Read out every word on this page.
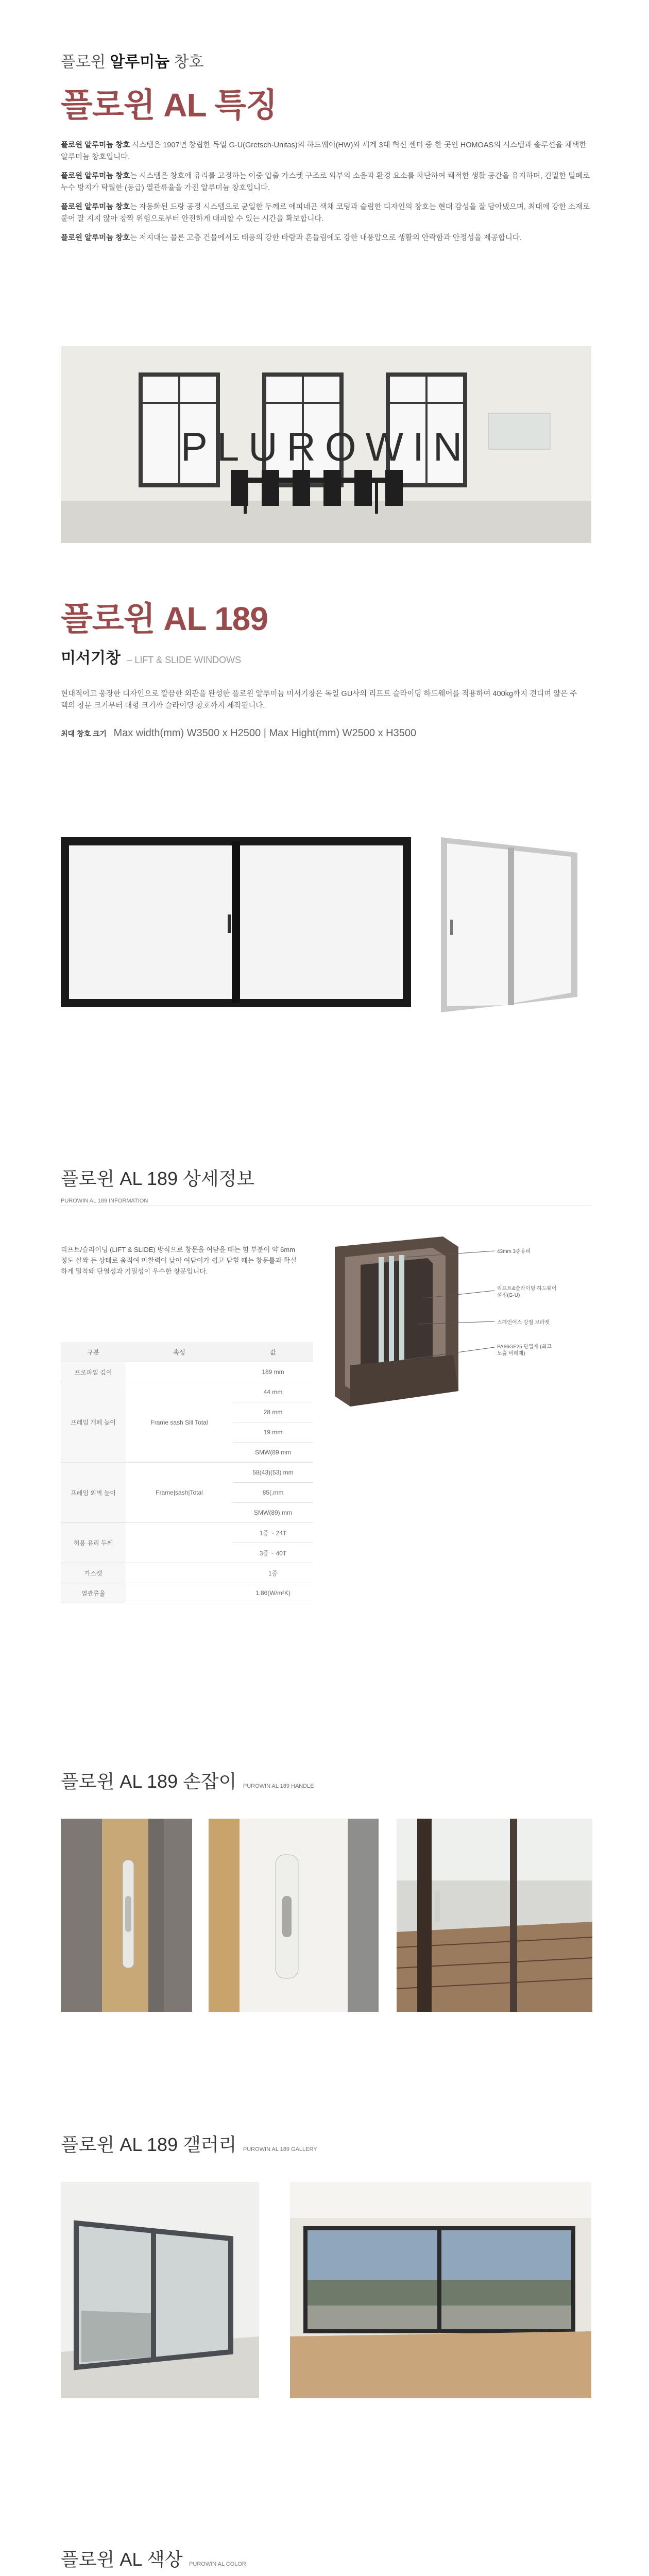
플로윈 알루미늄 창호
플로윈 AL 특징

플로윈 알루미늄 창호 시스템은 1907년 창립한 독일 G-U(Gretsch-Unitas)의 하드웨어(HW)와 세계 3대 혁신 센터 중 한 곳인 HOMOAS의 시스템과 솔루션을 채택한 알루미늄 창호입니다.

플로윈 알루미늄 창호는 시스템은 창호에 유리를 고정하는 이중 압출 가스켓 구조로 외부의 소음과 환경 요소를 차단하여 쾌적한 생활 공간을 유지하며, 긴밀한 밀폐로 누수 방지가 탁월한 (동급) 열관류율을 가진 알루미늄 창호입니다.

플로윈 알루미늄 창호는 자동화된 드랑 공정 시스템으로 균일한 두께로 애피네곤 색채 코팅과 슬림한 디자인의 창호는 현대 감성을 잘 담아냈으며, 최대에 강한 소재로 붙어 잘 지지 않아 창짝 위험으로부터 안전하게 대피할 수 있는 시간을 확보합니다.

플로윈 알루미늄 창호는 저지대는 물론 고층 건물에서도 태풍의 강한 바람과 흔들림에도 강한 내풍압으로 생활의 안락함과 안정성을 제공합니다.

PLUROWIN
플로윈 AL 189
미서기창 – LIFT & SLIDE WINDOWS

현대적이고 웅장한 디자인으로 깔끔한 외관을 완성한 플로윈 알루미늄 미서기창은 독일 GU사의 리프트 슬라이딩 하드웨어를 적용하여 400kg까지 견디며 얇은 주택의 창문 크기부터 대형 크기까 슬라이딩 창호까지 제작됩니다.

최대 창호 크기 Max width(mm) W3500 x H2500 | Max Hight(mm) W2500 x H3500
플로윈 AL 189 상세정보
PUROWIN AL 189 INFORMATION

리프트/슬라이딩 (LIFT & SLIDE) 방식으로 창문을 여닫을 때는 힘 부분이 약 6mm 정도 살짝 든 상태로 움직여 마찰력이 낮아 여닫이가 쉽고 닫힐 때는 창문틀과 확실하게 밀착돼 단열성과 기밀성이 우수한 창문입니다.

구분	속성	값
프로파일 깊이		189 mm
프레임 개폐 높이	Frame sash Sill Total	44 mm
		28 mm
		19 mm
		SMW(89 mm
프레임 외벽 높이	Frame|sash|Total	58(43)(53) mm
		85(.mm
		SMW(89) mm
허용 유리 두께		1중 ~ 24T
		3중 ~ 40T
가스켓		1중
열관류율		1.86(W/m²K)
43mm 3중유리
리프트&슬라이딩 하드웨어 설정(G-U)
스페인어스 강철 브라켓
PA66GF25 단열재 (최고노출 비례제)
플로윈 AL 189 손잡이 PUROWIN AL 189 HANDLE
플로윈 AL 189 갤러리 PUROWIN AL 189 GALLERY
플로윈 AL 색상 PUROWIN AL COLOR
